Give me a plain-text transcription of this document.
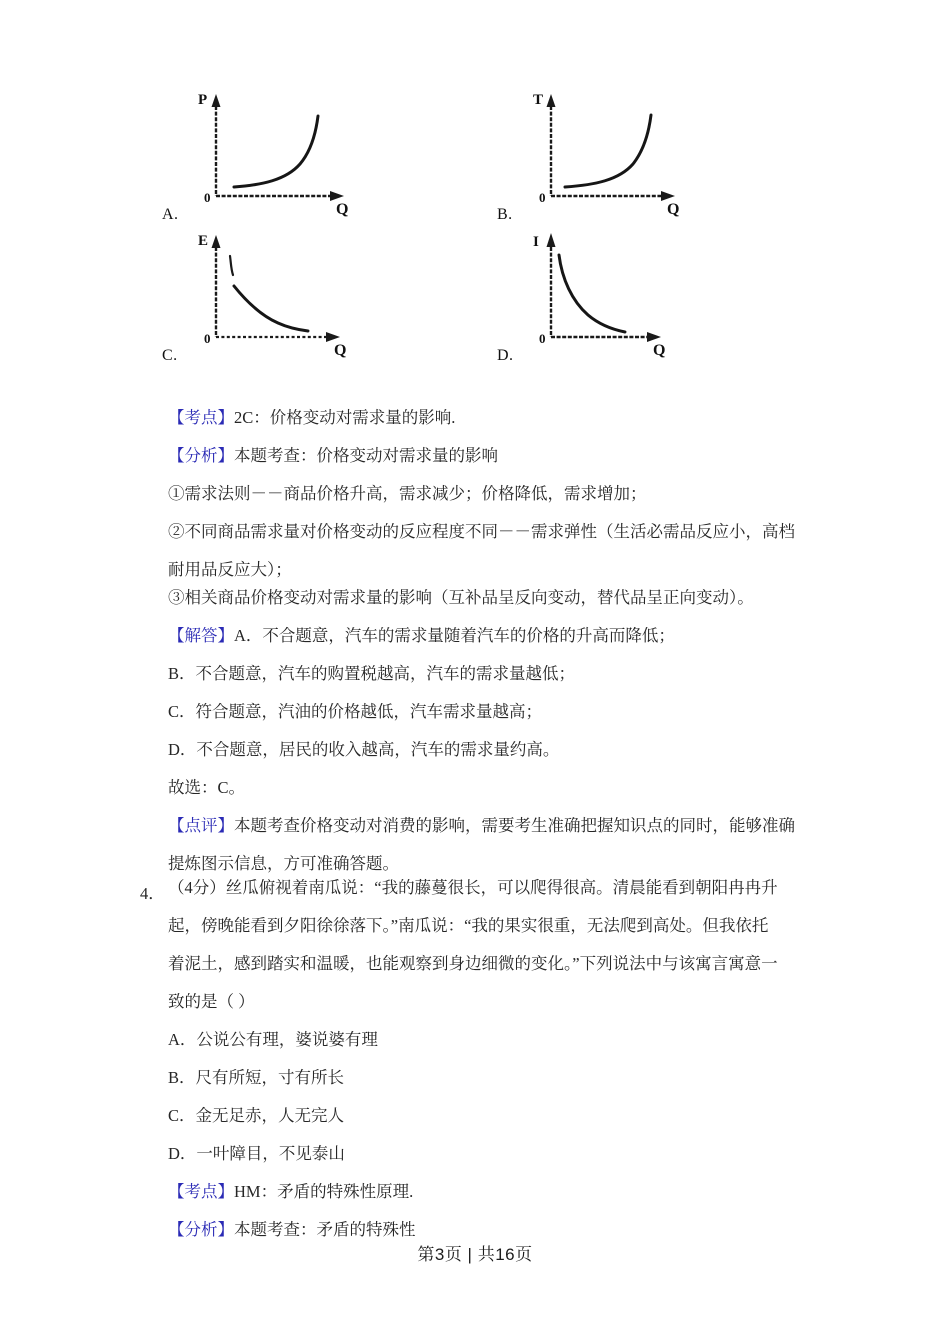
A.
P
Q
0
B.
T
Q
0
C.
E
Q
0
D.
I
Q
0
【考点】2C：价格变动对需求量的影响.
【分析】本题考查：价格变动对需求量的影响
①需求法则－－商品价格升高，需求减少；价格降低，需求增加；
②不同商品需求量对价格变动的反应程度不同－－需求弹性（生活必需品反应小，高档
耐用品反应大）；
③相关商品价格变动对需求量的影响（互补品呈反向变动，替代品呈正向变动）。
【解答】A．不合题意，汽车的需求量随着汽车的价格的升高而降低；
B．不合题意，汽车的购置税越高，汽车的需求量越低；
C．符合题意，汽油的价格越低，汽车需求量越高；
D．不合题意，居民的收入越高，汽车的需求量约高。
故选：C。
【点评】本题考查价格变动对消费的影响，需要考生准确把握知识点的同时，能够准确
提炼图示信息，方可准确答题。
4． （4分）丝瓜俯视着南瓜说：“我的藤蔓很长，可以爬得很高。清晨能看到朝阳冉冉升
起，傍晚能看到夕阳徐徐落下。”南瓜说：“我的果实很重，无法爬到高处。但我依托
着泥土，感到踏实和温暖，也能观察到身边细微的变化。”下列说法中与该寓言寓意一
致的是（ ）
A．公说公有理，婆说婆有理
B．尺有所短，寸有所长
C．金无足赤，人无完人
D．一叶障目，不见泰山
【考点】HM：矛盾的特殊性原理.
【分析】本题考查：矛盾的特殊性
第3页 | 共16页
